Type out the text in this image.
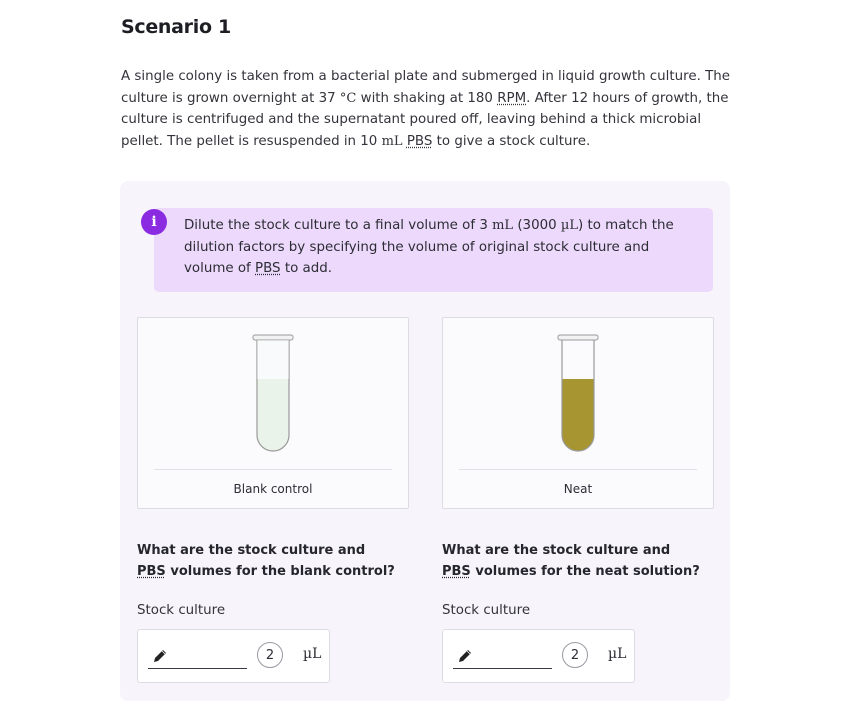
Scenario 1
A single colony is taken from a bacterial plate and submerged in liquid growth culture. The culture is grown overnight at 37 °C with shaking at 180 RPM. After 12 hours of growth, the culture is centrifuged and the supernatant poured off, leaving behind a thick microbial pellet. The pellet is resuspended in 10 mL PBS to give a stock culture.
i	Dilute the stock culture to a final volume of 3 mL (3000 µL) to match the dilution factors by specifying the volume of original stock culture and volume of PBS to add.
Blank control	Neat
What are the stock culture and PBS volumes for the blank control?
What are the stock culture and PBS volumes for the neat solution?
Stock culture	Stock culture
2	µL	2	µL
